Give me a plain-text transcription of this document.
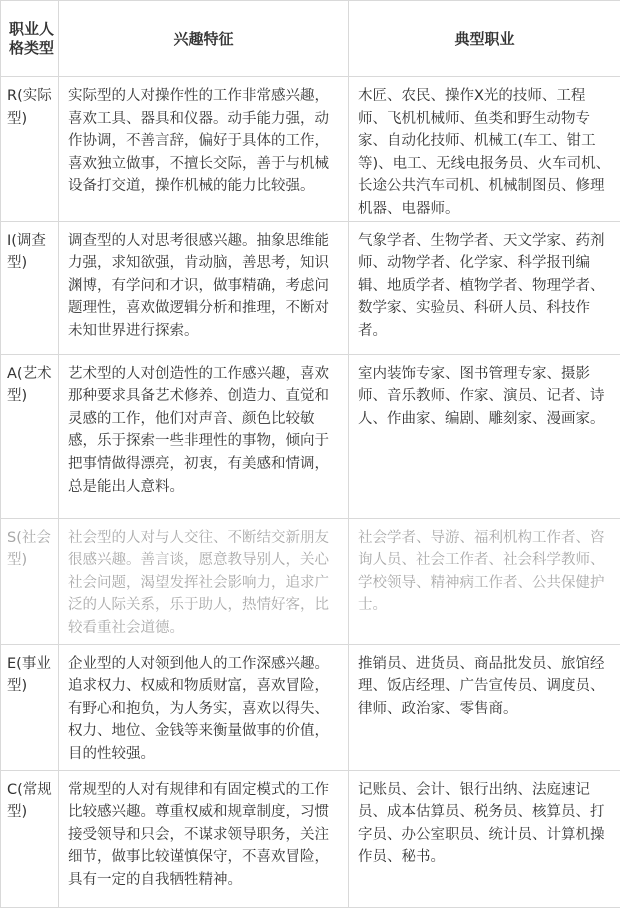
职业人格类型	兴趣特征	典型职业
R(实际型)	实际型的人对操作性的工作非常感兴趣，喜欢工具、器具和仪器。动手能力强，动作协调，不善言辞，偏好于具体的工作，喜欢独立做事，不擅长交际，善于与机械设备打交道，操作机械的能力比较强。	木匠、农民、操作X光的技师、工程师、飞机机械师、鱼类和野生动物专家、自动化技师、机械工(车工、钳工等)、电工、无线电报务员、火车司机、长途公共汽车司机、机械制图员、修理机器、电器师。
I(调查型)	调查型的人对思考很感兴趣。抽象思维能力强，求知欲强，肯动脑，善思考，知识渊博，有学问和才识，做事精确，考虑问题理性，喜欢做逻辑分析和推理，不断对未知世界进行探索。	气象学者、生物学者、天文学家、药剂师、动物学者、化学家、科学报刊编辑、地质学者、植物学者、物理学者、数学家、实验员、科研人员、科技作者。
A(艺术型)	艺术型的人对创造性的工作感兴趣，喜欢那种要求具备艺术修养、创造力、直觉和灵感的工作，他们对声音、颜色比较敏感，乐于探索一些非理性的事物，倾向于把事情做得漂亮，初衷，有美感和情调，总是能出人意料。	室内装饰专家、图书管理专家、摄影师、音乐教师、作家、演员、记者、诗人、作曲家、编剧、雕刻家、漫画家。
S(社会型)	社会型的人对与人交往、不断结交新朋友很感兴趣。善言谈，愿意教导别人，关心社会问题，渴望发挥社会影响力，追求广泛的人际关系，乐于助人，热情好客，比较看重社会道德。	社会学者、导游、福利机构工作者、咨询人员、社会工作者、社会科学教师、学校领导、精神病工作者、公共保健护士。
E(事业型)	企业型的人对领到他人的工作深感兴趣。追求权力、权威和物质财富，喜欢冒险，有野心和抱负，为人务实，喜欢以得失、权力、地位、金钱等来衡量做事的价值，目的性较强。	推销员、进货员、商品批发员、旅馆经理、饭店经理、广告宣传员、调度员、律师、政治家、零售商。
C(常规型)	常规型的人对有规律和有固定模式的工作比较感兴趣。尊重权威和规章制度，习惯接受领导和只会，不谋求领导职务，关注细节，做事比较谨慎保守，不喜欢冒险，具有一定的自我牺牲精神。	记账员、会计、银行出纳、法庭速记员、成本估算员、税务员、核算员、打字员、办公室职员、统计员、计算机操作员、秘书。
